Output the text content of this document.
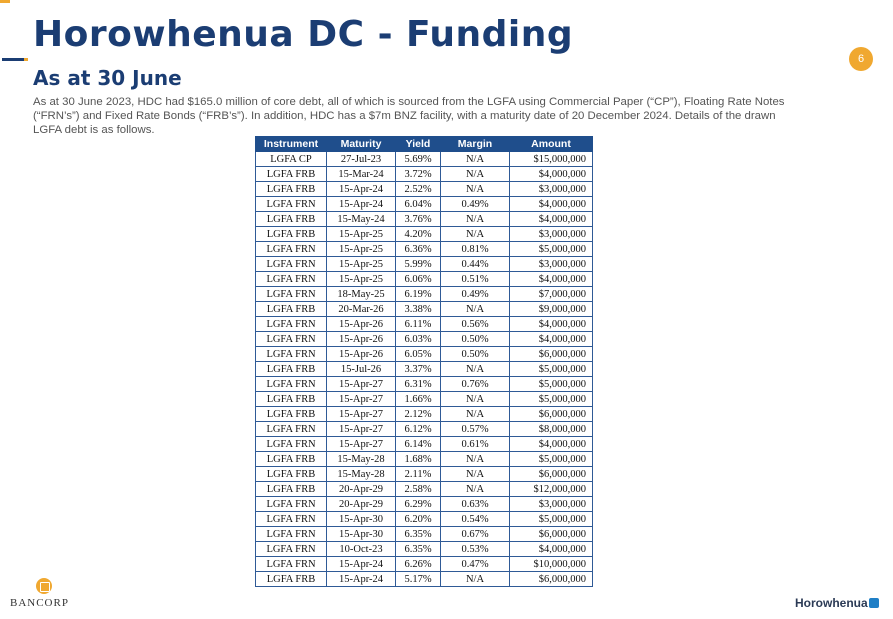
Horowhenua DC - Funding
As at 30 June
6

As at 30 June 2023, HDC had $165.0 million of core debt, all of which is sourced from the LGFA using Commercial Paper (“CP”), Floating Rate Notes (“FRN’s”) and Fixed Rate Bonds (“FRB’s”). In addition, HDC has a $7m BNZ facility, with a maturity date of 20 December 2024. Details of the drawn LGFA debt is as follows.

Instrument	Maturity	Yield	Margin	Amount
LGFA CP	27-Jul-23	5.69%	N/A	$15,000,000
LGFA FRB	15-Mar-24	3.72%	N/A	$4,000,000
LGFA FRB	15-Apr-24	2.52%	N/A	$3,000,000
LGFA FRN	15-Apr-24	6.04%	0.49%	$4,000,000
LGFA FRB	15-May-24	3.76%	N/A	$4,000,000
LGFA FRB	15-Apr-25	4.20%	N/A	$3,000,000
LGFA FRN	15-Apr-25	6.36%	0.81%	$5,000,000
LGFA FRN	15-Apr-25	5.99%	0.44%	$3,000,000
LGFA FRN	15-Apr-25	6.06%	0.51%	$4,000,000
LGFA FRN	18-May-25	6.19%	0.49%	$7,000,000
LGFA FRB	20-Mar-26	3.38%	N/A	$9,000,000
LGFA FRN	15-Apr-26	6.11%	0.56%	$4,000,000
LGFA FRN	15-Apr-26	6.03%	0.50%	$4,000,000
LGFA FRN	15-Apr-26	6.05%	0.50%	$6,000,000
LGFA FRB	15-Jul-26	3.37%	N/A	$5,000,000
LGFA FRN	15-Apr-27	6.31%	0.76%	$5,000,000
LGFA FRB	15-Apr-27	1.66%	N/A	$5,000,000
LGFA FRB	15-Apr-27	2.12%	N/A	$6,000,000
LGFA FRN	15-Apr-27	6.12%	0.57%	$8,000,000
LGFA FRN	15-Apr-27	6.14%	0.61%	$4,000,000
LGFA FRB	15-May-28	1.68%	N/A	$5,000,000
LGFA FRB	15-May-28	2.11%	N/A	$6,000,000
LGFA FRB	20-Apr-29	2.58%	N/A	$12,000,000
LGFA FRN	20-Apr-29	6.29%	0.63%	$3,000,000
LGFA FRN	15-Apr-30	6.20%	0.54%	$5,000,000
LGFA FRN	15-Apr-30	6.35%	0.67%	$6,000,000
LGFA FRN	10-Oct-23	6.35%	0.53%	$4,000,000
LGFA FRN	15-Apr-24	6.26%	0.47%	$10,000,000
LGFA FRB	15-Apr-24	5.17%	N/A	$6,000,000
BANCORP	Horowhenua
